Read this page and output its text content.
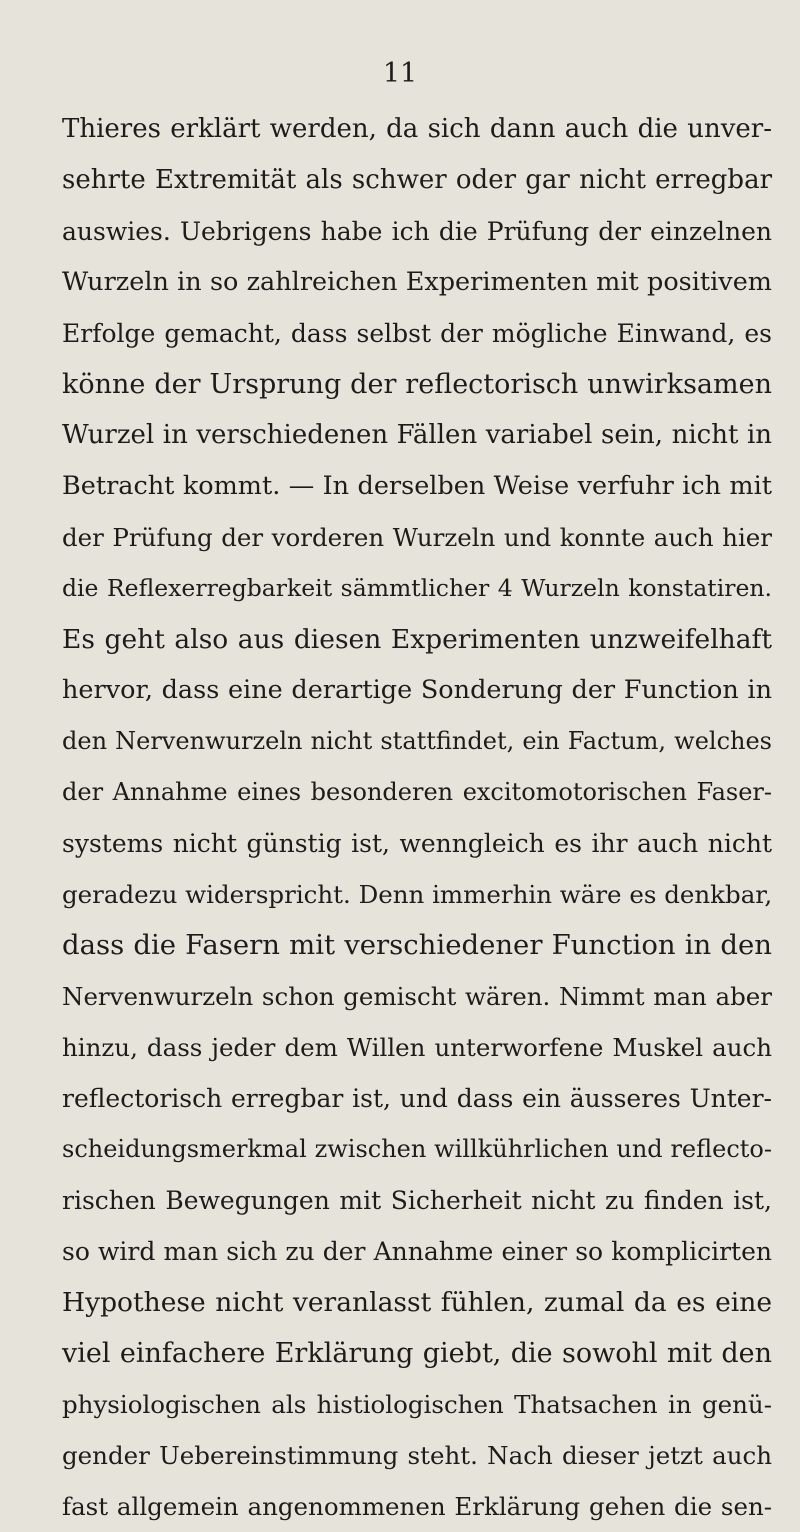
11
Thieres erklärt werden, da sich dann auch die unver-
sehrte Extremität als schwer oder gar nicht erregbar
auswies. Uebrigens habe ich die Prüfung der einzelnen
Wurzeln in so zahlreichen Experimenten mit positivem
Erfolge gemacht, dass selbst der mögliche Einwand, es
könne der Ursprung der reflectorisch unwirksamen
Wurzel in verschiedenen Fällen variabel sein, nicht in
Betracht kommt. — In derselben Weise verfuhr ich mit
der Prüfung der vorderen Wurzeln und konnte auch hier
die Reflexerregbarkeit sämmtlicher 4 Wurzeln konstatiren.
Es geht also aus diesen Experimenten unzweifelhaft
hervor, dass eine derartige Sonderung der Function in
den Nervenwurzeln nicht stattfindet, ein Factum, welches
der Annahme eines besonderen excitomotorischen Faser-
systems nicht günstig ist, wenngleich es ihr auch nicht
geradezu widerspricht. Denn immerhin wäre es denkbar,
dass die Fasern mit verschiedener Function in den
Nervenwurzeln schon gemischt wären. Nimmt man aber
hinzu, dass jeder dem Willen unterworfene Muskel auch
reflectorisch erregbar ist, und dass ein äusseres Unter-
scheidungsmerkmal zwischen willkührlichen und reflecto-
rischen Bewegungen mit Sicherheit nicht zu finden ist,
so wird man sich zu der Annahme einer so komplicirten
Hypothese nicht veranlasst fühlen, zumal da es eine
viel einfachere Erklärung giebt, die sowohl mit den
physiologischen als histiologischen Thatsachen in genü-
gender Uebereinstimmung steht. Nach dieser jetzt auch
fast allgemein angenommenen Erklärung gehen die sen-
